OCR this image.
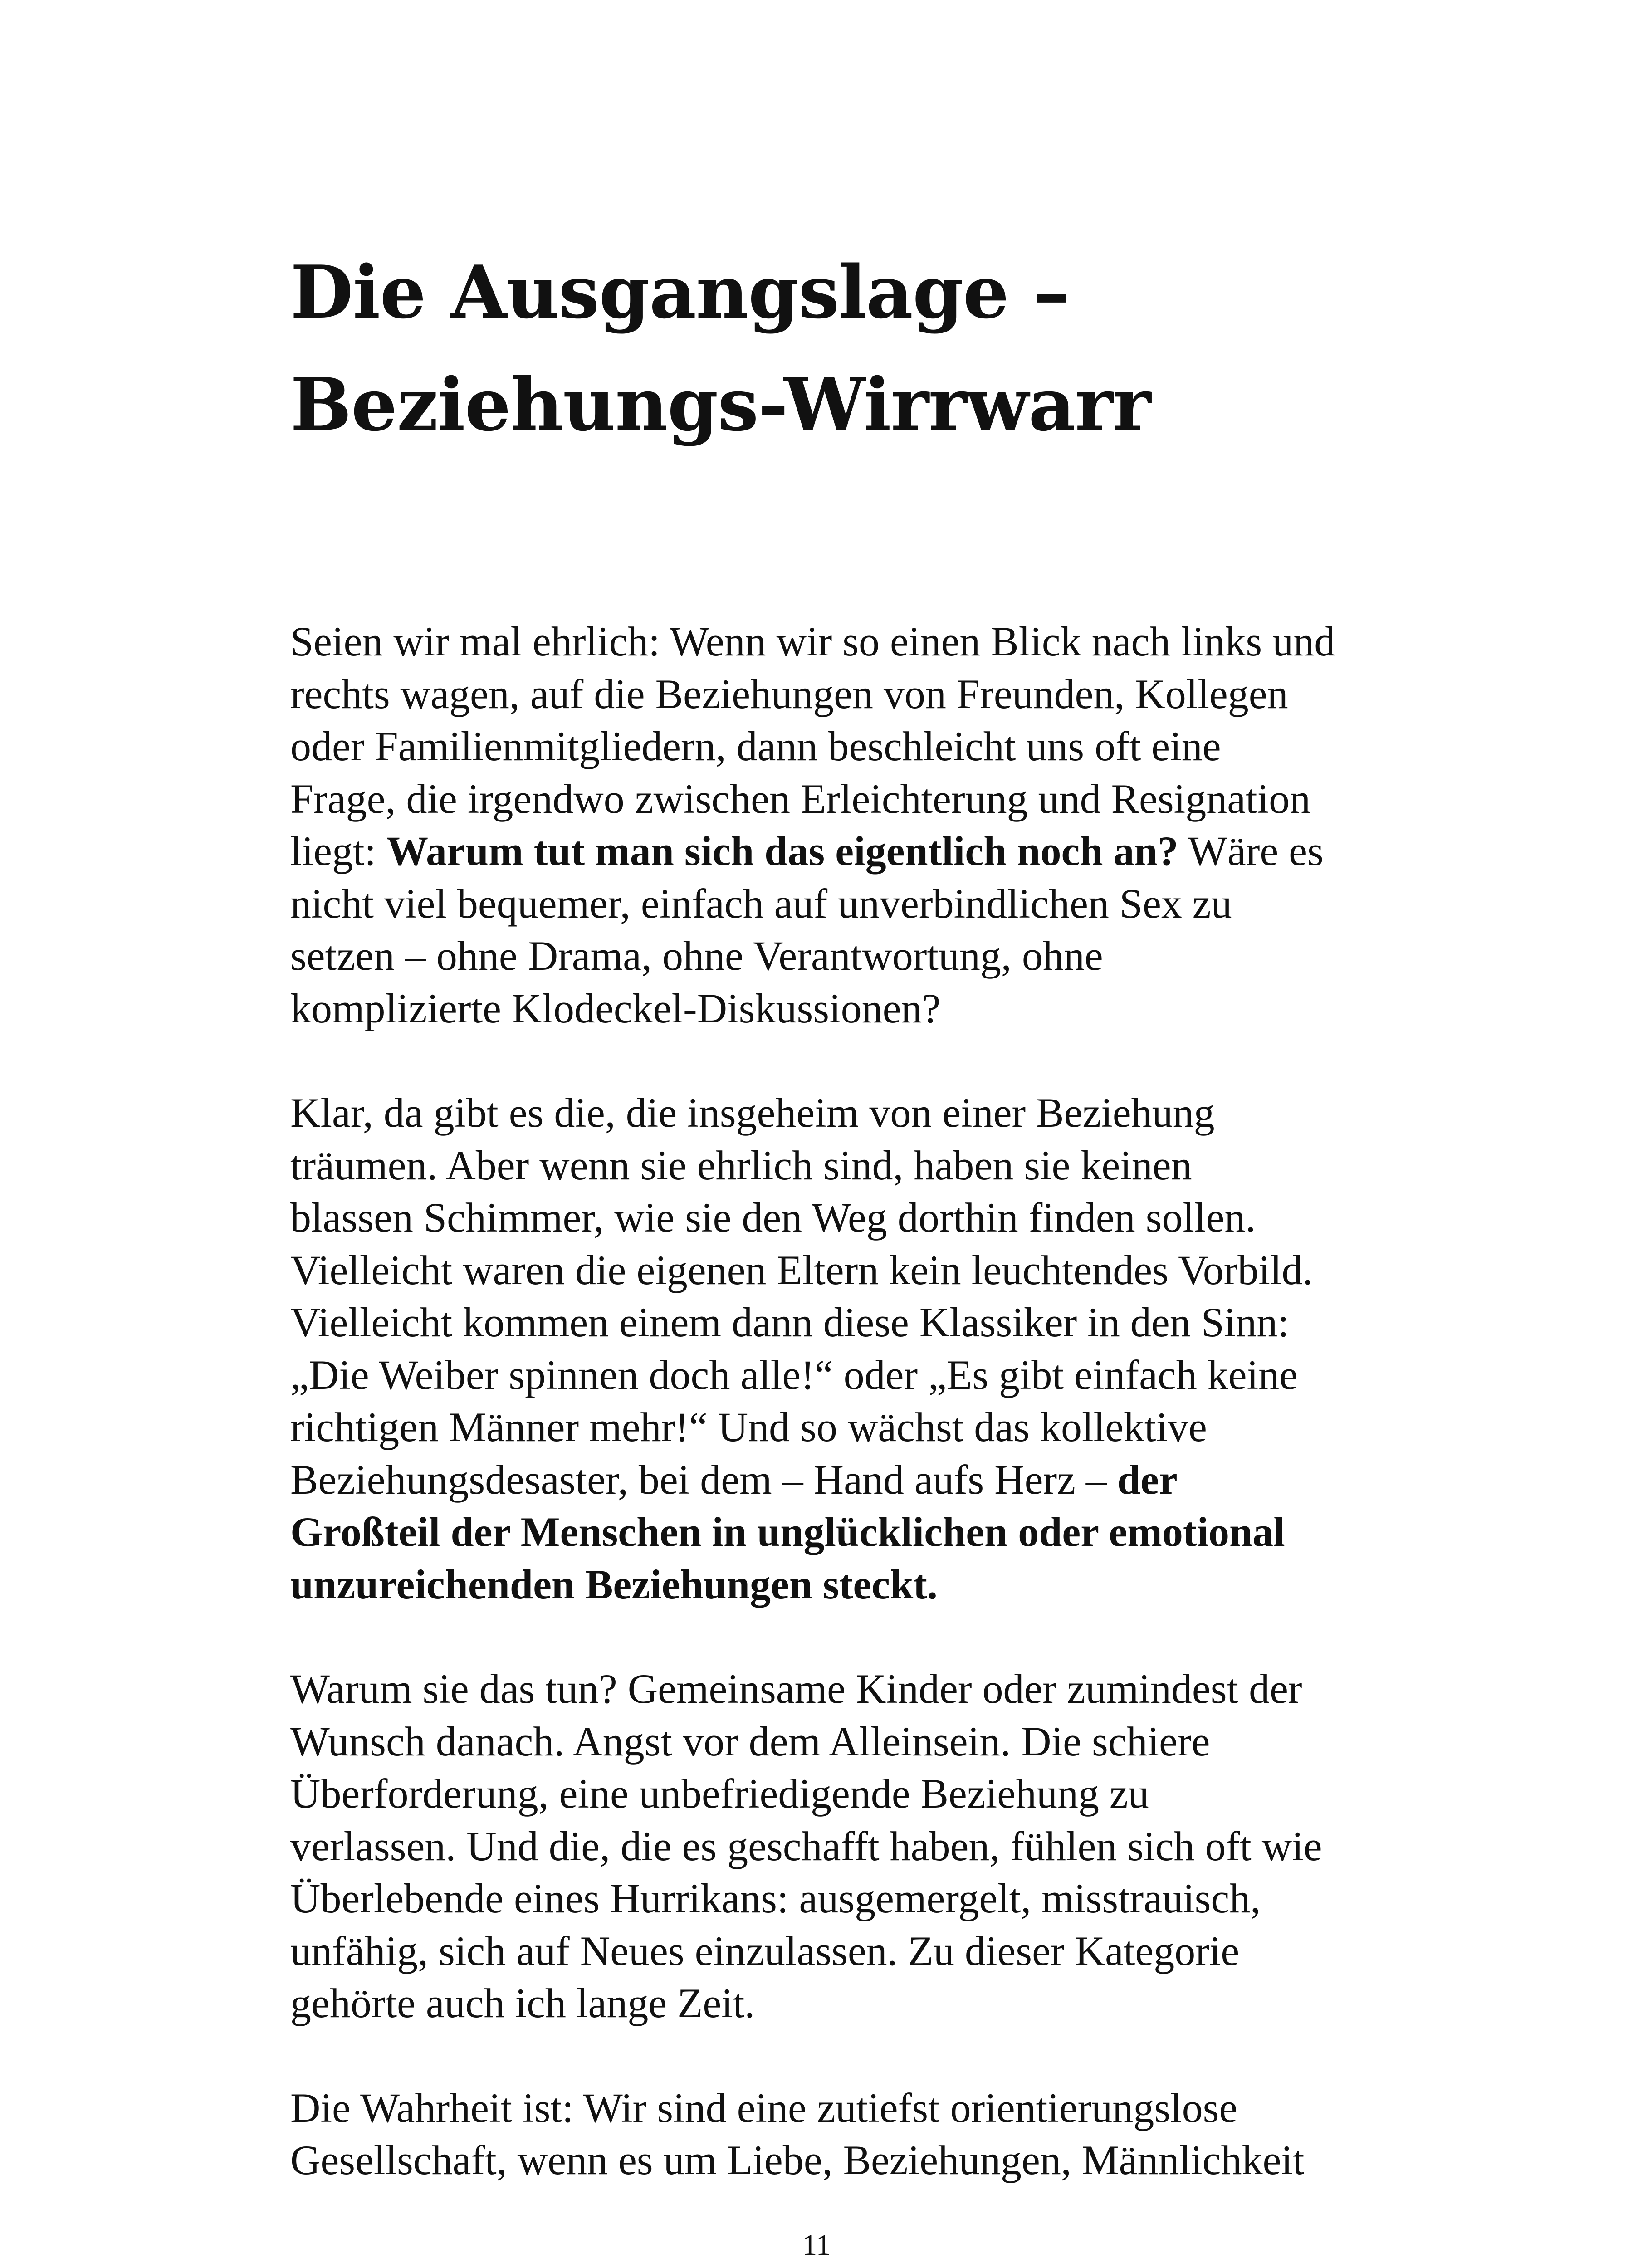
Die Ausgangslage –
Beziehungs-Wirrwarr

Seien wir mal ehrlich: Wenn wir so einen Blick nach links und
rechts wagen, auf die Beziehungen von Freunden, Kollegen
oder Familienmitgliedern, dann beschleicht uns oft eine
Frage, die irgendwo zwischen Erleichterung und Resignation
liegt: Warum tut man sich das eigentlich noch an? Wäre es
nicht viel bequemer, einfach auf unverbindlichen Sex zu
setzen – ohne Drama, ohne Verantwortung, ohne
komplizierte Klodeckel-Diskussionen?

Klar, da gibt es die, die insgeheim von einer Beziehung
träumen. Aber wenn sie ehrlich sind, haben sie keinen
blassen Schimmer, wie sie den Weg dorthin finden sollen.
Vielleicht waren die eigenen Eltern kein leuchtendes Vorbild.
Vielleicht kommen einem dann diese Klassiker in den Sinn:
„Die Weiber spinnen doch alle!“ oder „Es gibt einfach keine
richtigen Männer mehr!“ Und so wächst das kollektive
Beziehungsdesaster, bei dem – Hand aufs Herz – der
Großteil der Menschen in unglücklichen oder emotional
unzureichenden Beziehungen steckt.

Warum sie das tun? Gemeinsame Kinder oder zumindest der
Wunsch danach. Angst vor dem Alleinsein. Die schiere
Überforderung, eine unbefriedigende Beziehung zu
verlassen. Und die, die es geschafft haben, fühlen sich oft wie
Überlebende eines Hurrikans: ausgemergelt, misstrauisch,
unfähig, sich auf Neues einzulassen. Zu dieser Kategorie
gehörte auch ich lange Zeit.

Die Wahrheit ist: Wir sind eine zutiefst orientierungslose
Gesellschaft, wenn es um Liebe, Beziehungen, Männlichkeit

11
